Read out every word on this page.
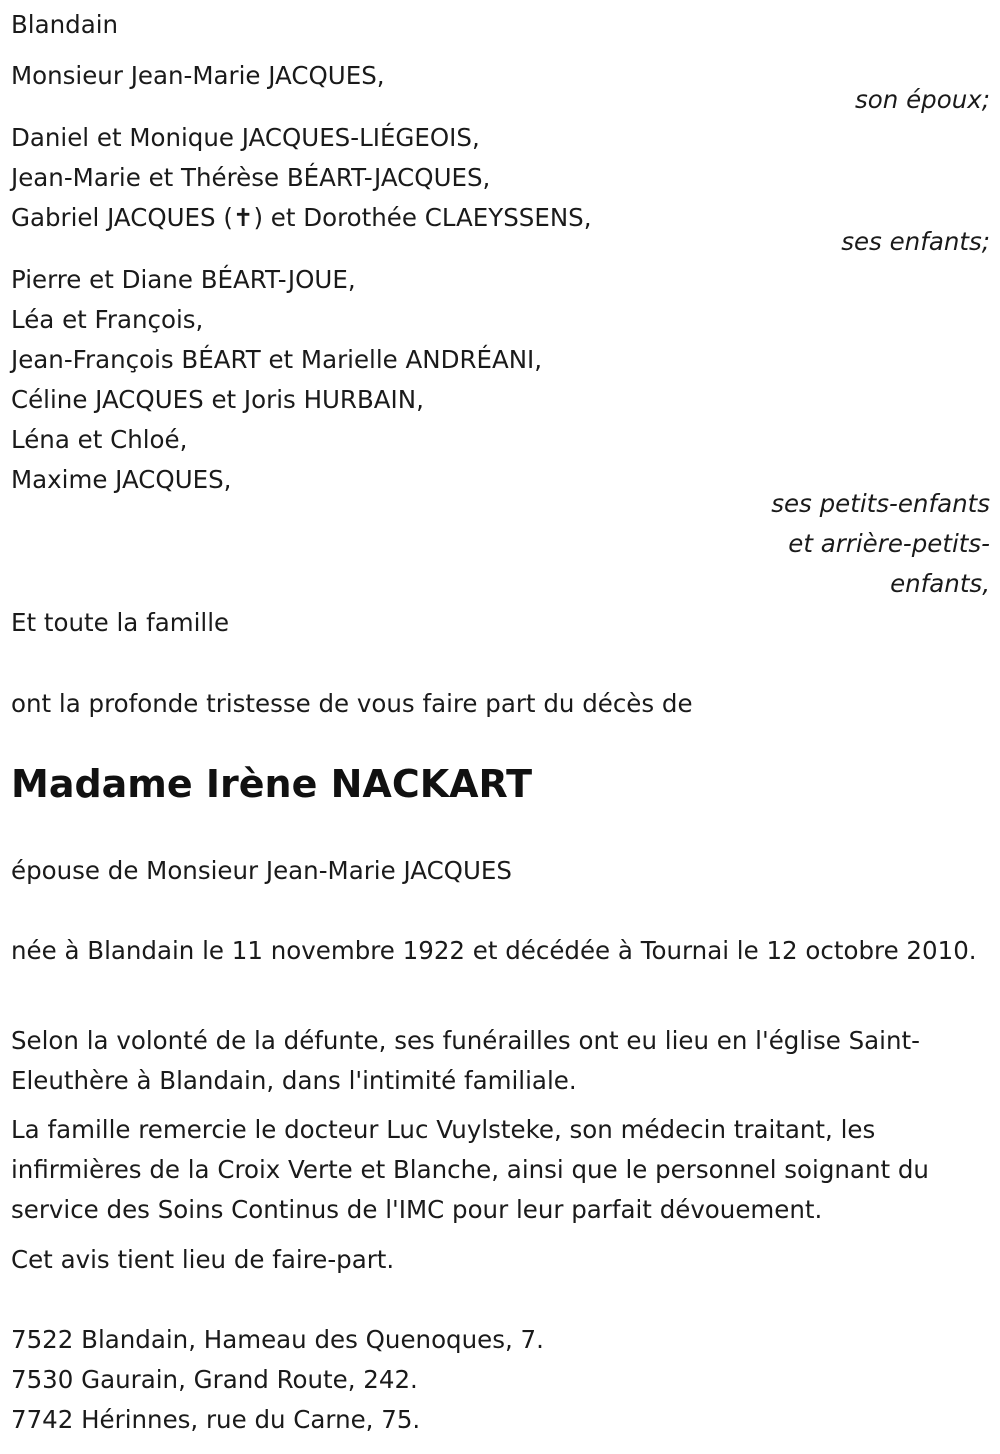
Blandain
Monsieur Jean-Marie JACQUES,
son époux;
Daniel et Monique JACQUES-LIÉGEOIS,
Jean-Marie et Thérèse BÉART-JACQUES,
Gabriel JACQUES (✝) et Dorothée CLAEYSSENS,
ses enfants;
Pierre et Diane BÉART-JOUE,
Léa et François,
Jean-François BÉART et Marielle ANDRÉANI,
Céline JACQUES et Joris HURBAIN,
Léna et Chloé,
Maxime JACQUES,
ses petits-enfants
et arrière-petits-
enfants,
Et toute la famille
ont la profonde tristesse de vous faire part du décès de
Madame Irène NACKART
épouse de Monsieur Jean-Marie JACQUES
née à Blandain le 11 novembre 1922 et décédée à Tournai le 12 octobre 2010.
Selon la volonté de la défunte, ses funérailles ont eu lieu en l'église Saint-Eleuthère à Blandain, dans l'intimité familiale.
La famille remercie le docteur Luc Vuylsteke, son médecin traitant, les infirmières de la Croix Verte et Blanche, ainsi que le personnel soignant du service des Soins Continus de l'IMC pour leur parfait dévouement.
Cet avis tient lieu de faire-part.
7522 Blandain, Hameau des Quenoques, 7.
7530 Gaurain, Grand Route, 242.
7742 Hérinnes, rue du Carne, 75.
